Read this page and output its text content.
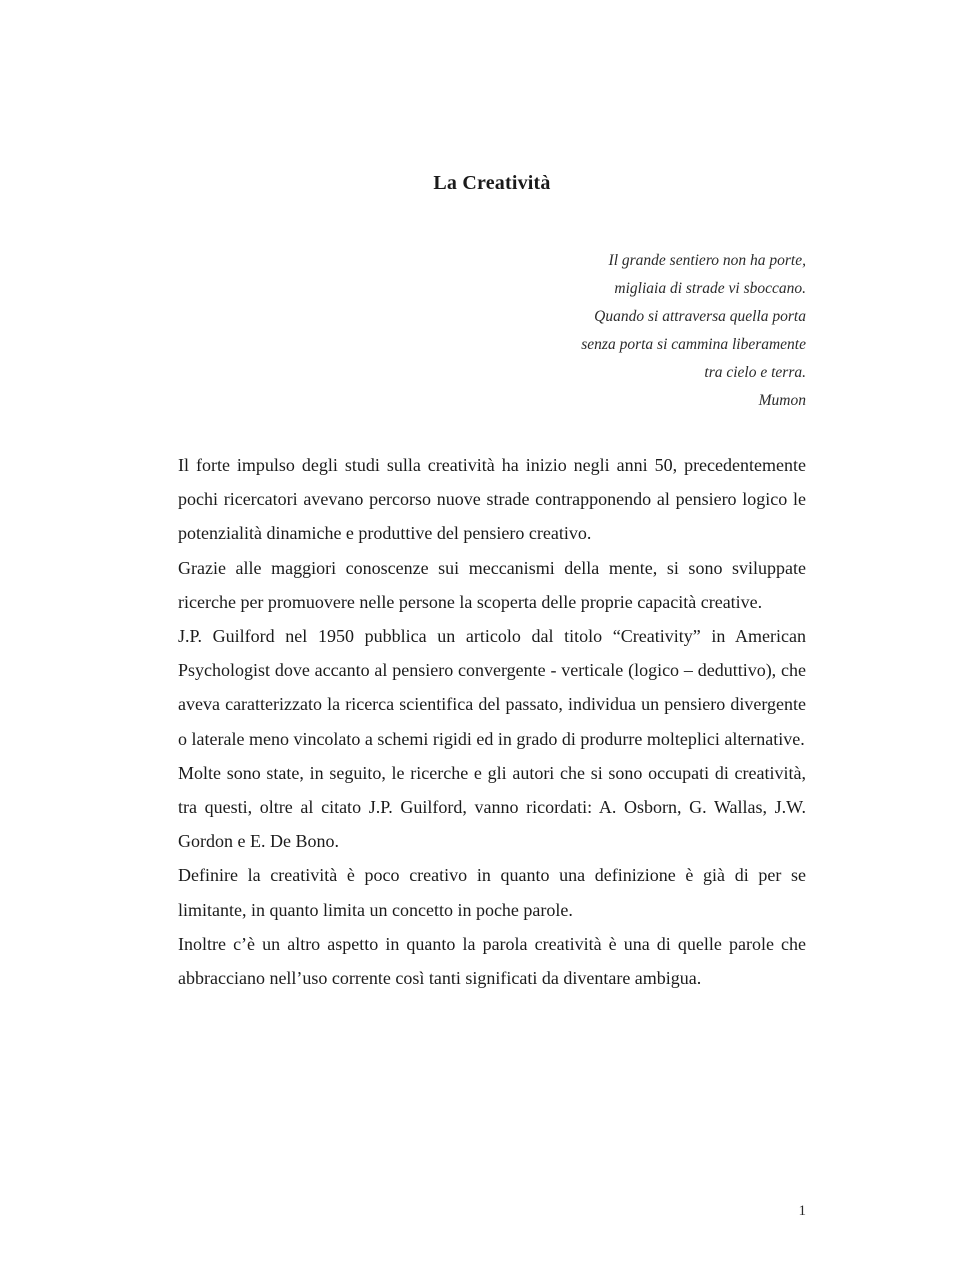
La Creatività
Il grande sentiero non ha porte,
migliaia di strade vi sboccano.
Quando si attraversa quella porta
senza porta si cammina liberamente
tra cielo e terra.
Mumon

Il forte impulso degli studi sulla creatività ha inizio negli anni 50, precedentemente pochi ricercatori avevano percorso nuove strade contrapponendo al pensiero logico le potenzialità dinamiche e produttive del pensiero creativo.

Grazie alle maggiori conoscenze sui meccanismi della mente, si sono sviluppate ricerche per promuovere nelle persone la scoperta delle proprie capacità creative.

J.P. Guilford nel 1950 pubblica un articolo dal titolo “Creativity” in American Psychologist dove accanto al pensiero convergente - verticale (logico – deduttivo), che aveva caratterizzato la ricerca scientifica del passato, individua un pensiero divergente o laterale meno vincolato a schemi rigidi ed in grado di produrre molteplici alternative.

Molte sono state, in seguito, le ricerche e gli autori che si sono occupati di creatività, tra questi, oltre al citato J.P. Guilford, vanno ricordati: A. Osborn, G. Wallas, J.W. Gordon e E. De Bono.

Definire la creatività è poco creativo in quanto una definizione è già di per se limitante, in quanto limita un concetto in poche parole.

Inoltre c’è un altro aspetto in quanto la parola creatività è una di quelle parole che abbracciano nell’uso corrente così tanti significati da diventare ambigua.

1
